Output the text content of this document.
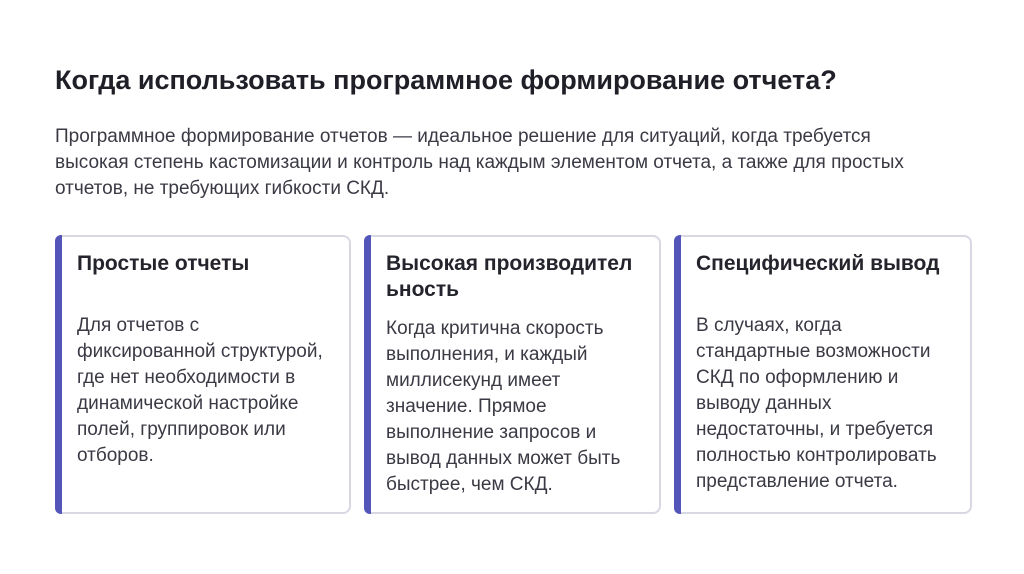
Когда использовать программное формирование отчета?

Программное формирование отчетов — идеальное решение для ситуаций, когда требуется высокая степень кастомизации и контроль над каждым элементом отчета, а также для простых отчетов, не требующих гибкости СКД.

Простые отчеты

Для отчетов с фиксированной структурой, где нет необходимости в динамической настройке полей, группировок или отборов.

Высокая производительность

Когда критична скорость выполнения, и каждый миллисекунд имеет значение. Прямое выполнение запросов и вывод данных может быть быстрее, чем СКД.

Специфический вывод

В случаях, когда стандартные возможности СКД по оформлению и выводу данных недостаточны, и требуется полностью контролировать представление отчета.
